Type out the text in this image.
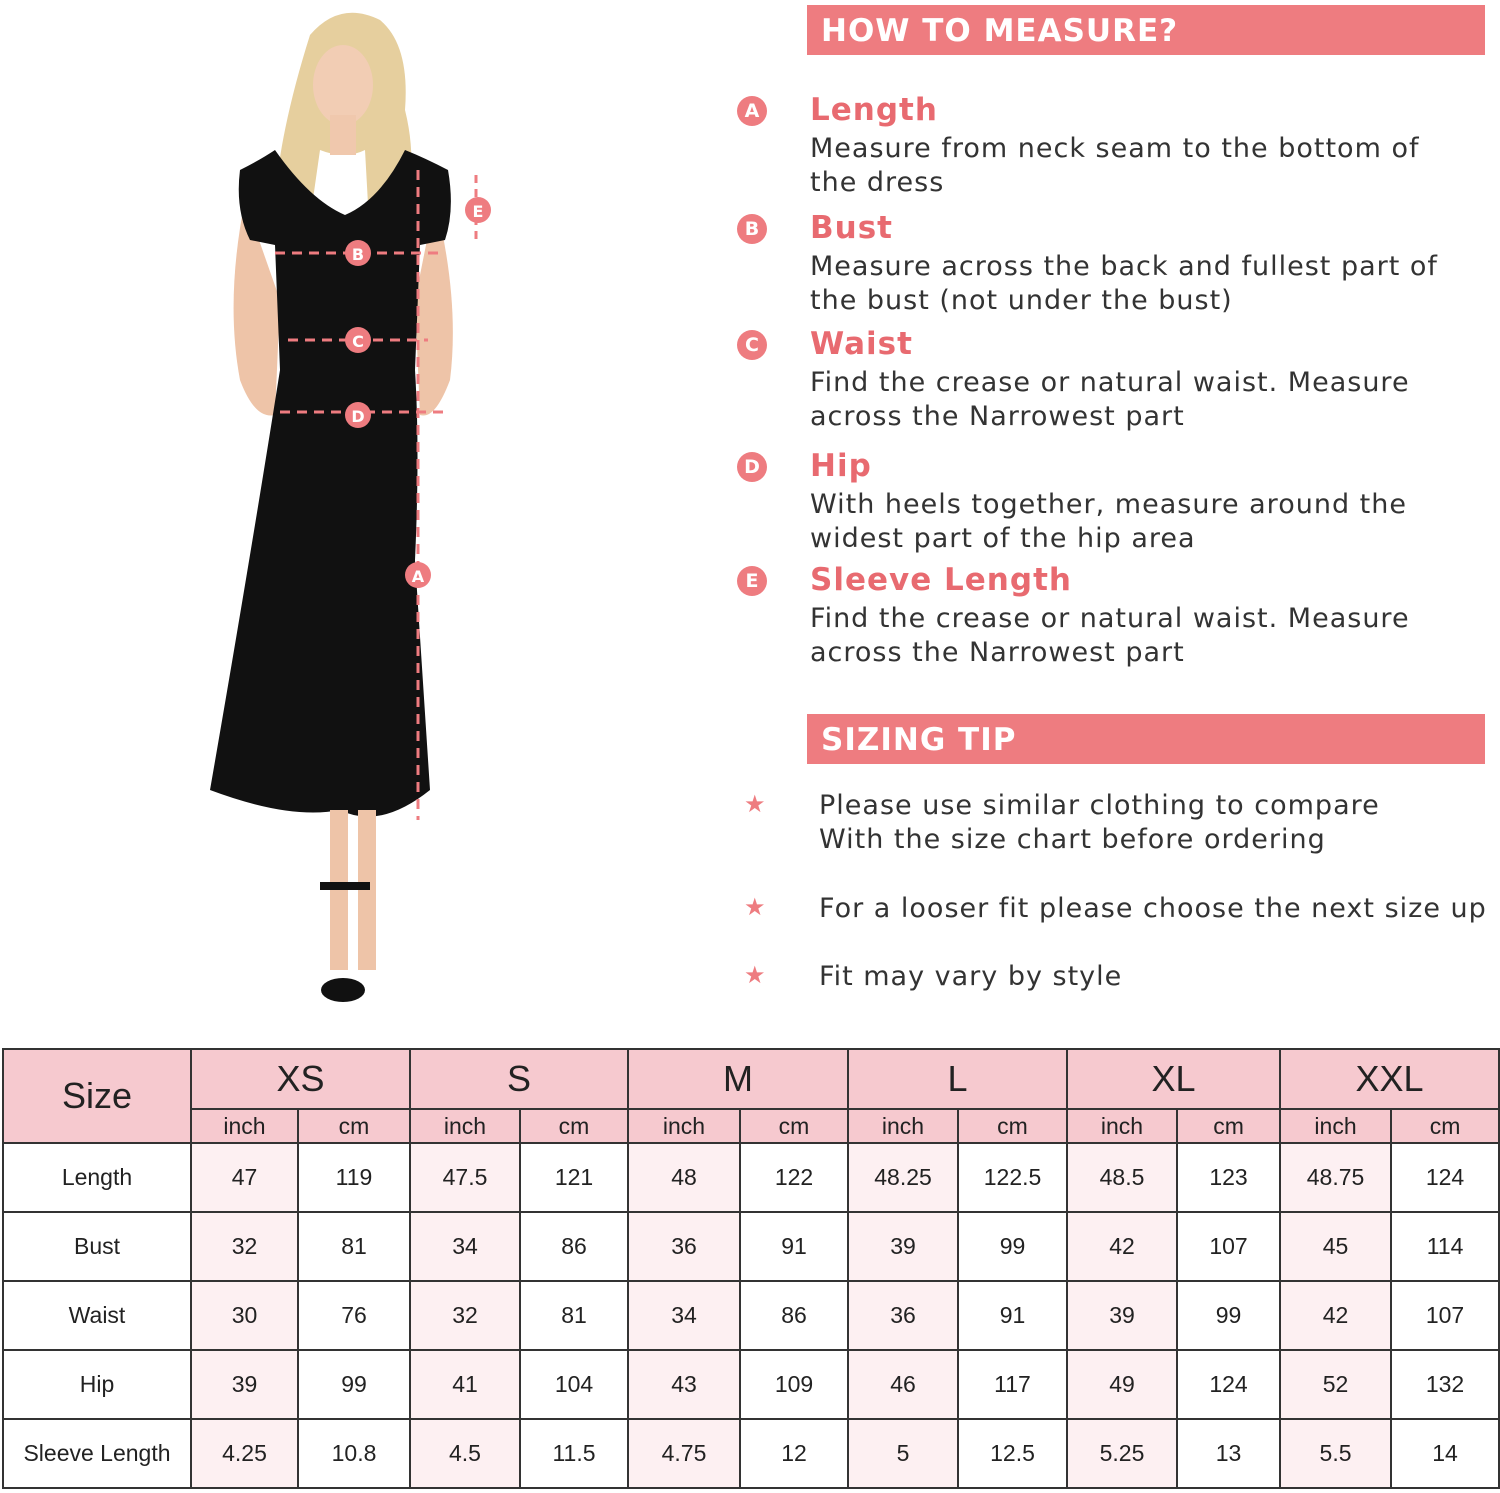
B
C
D
A
E
HOW TO MEASURE?
A Length
Measure from neck seam to the bottom of the dress
B Bust
Measure across the back and fullest part of the bust (not under the bust)
C Waist
Find the crease or natural waist. Measure across the Narrowest part
D Hip
With heels together, measure around the widest part of the hip area
E Sleeve Length
Find the crease or natural waist. Measure across the Narrowest part
SIZING TIP
★ Please use similar clothing to compare
With the size chart before ordering
★ For a looser fit please choose the next size up
★ Fit may vary by style
Size	XS		S		M		L		XL		XXL	
	inch	cm	inch	cm	inch	cm	inch	cm	inch	cm	inch	cm
Length	47	119	47.5	121	48	122	48.25	122.5	48.5	123	48.75	124
Bust	32	81	34	86	36	91	39	99	42	107	45	114
Waist	30	76	32	81	34	86	36	91	39	99	42	107
Hip	39	99	41	104	43	109	46	117	49	124	52	132
Sleeve Length	4.25	10.8	4.5	11.5	4.75	12	5	12.5	5.25	13	5.5	14
